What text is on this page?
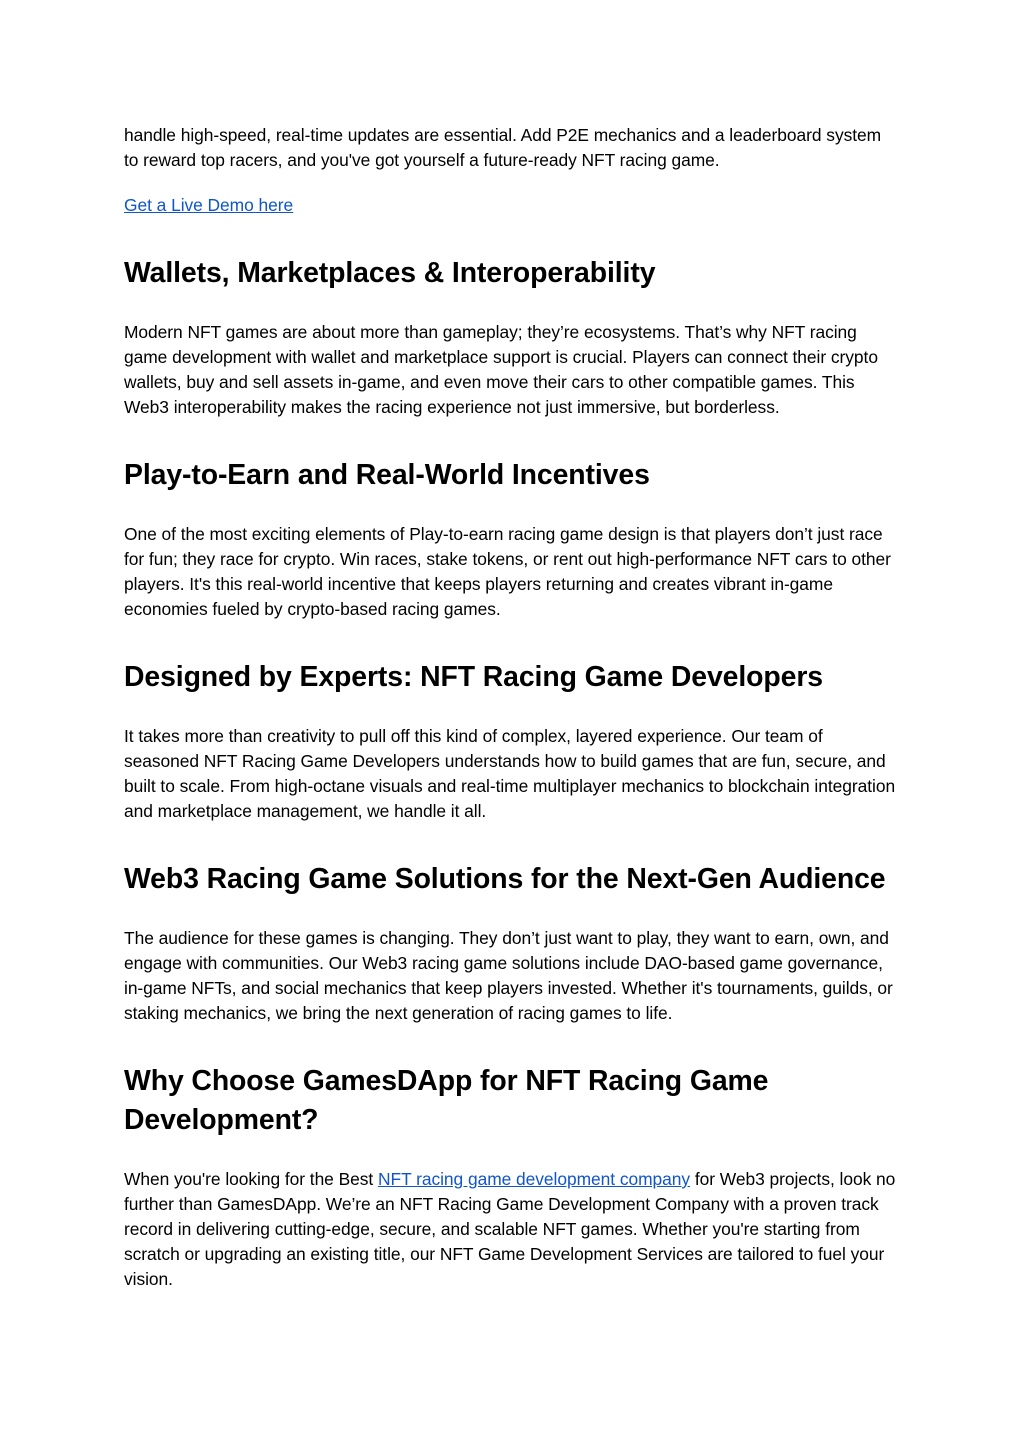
handle high-speed, real-time updates are essential. Add P2E mechanics and a leaderboard system to reward top racers, and you've got yourself a future-ready NFT racing game.

Get a Live Demo here

Wallets, Marketplaces & Interoperability

Modern NFT games are about more than gameplay; they’re ecosystems. That’s why NFT racing game development with wallet and marketplace support is crucial. Players can connect their crypto wallets, buy and sell assets in-game, and even move their cars to other compatible games. This Web3 interoperability makes the racing experience not just immersive, but borderless.

Play-to-Earn and Real-World Incentives

One of the most exciting elements of Play-to-earn racing game design is that players don’t just race for fun; they race for crypto. Win races, stake tokens, or rent out high-performance NFT cars to other players. It's this real-world incentive that keeps players returning and creates vibrant in-game economies fueled by crypto-based racing games.

Designed by Experts: NFT Racing Game Developers

It takes more than creativity to pull off this kind of complex, layered experience. Our team of seasoned NFT Racing Game Developers understands how to build games that are fun, secure, and built to scale. From high-octane visuals and real-time multiplayer mechanics to blockchain integration and marketplace management, we handle it all.

Web3 Racing Game Solutions for the Next-Gen Audience

The audience for these games is changing. They don’t just want to play, they want to earn, own, and engage with communities. Our Web3 racing game solutions include DAO-based game governance, in-game NFTs, and social mechanics that keep players invested. Whether it's tournaments, guilds, or staking mechanics, we bring the next generation of racing games to life.

Why Choose GamesDApp for NFT Racing Game Development?

When you're looking for the Best NFT racing game development company for Web3 projects, look no further than GamesDApp. We’re an NFT Racing Game Development Company with a proven track record in delivering cutting-edge, secure, and scalable NFT games. Whether you're starting from scratch or upgrading an existing title, our NFT Game Development Services are tailored to fuel your vision.
